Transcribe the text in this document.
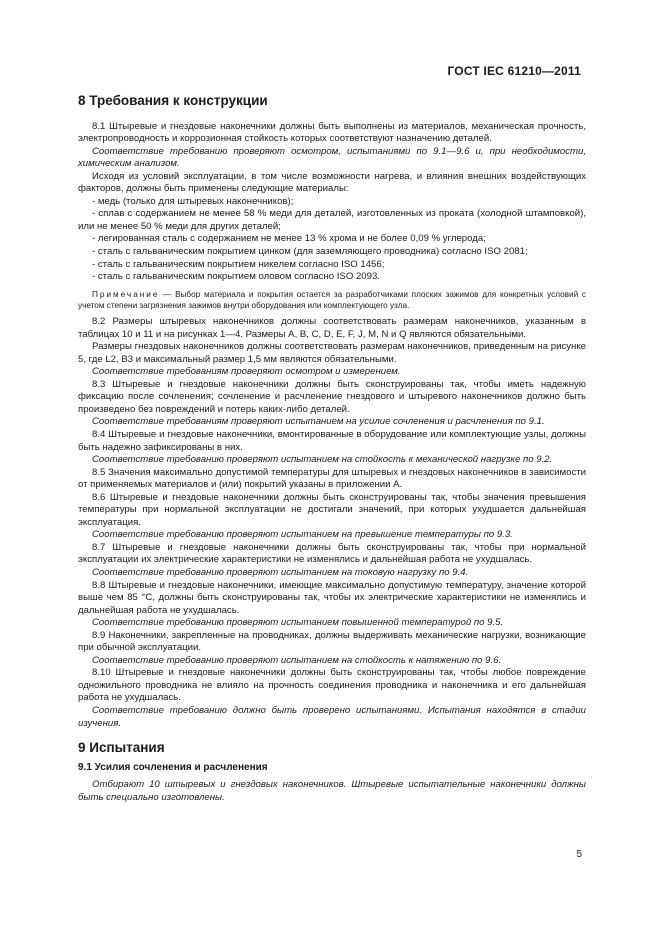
ГОСТ IEC 61210—2011

8 Требования к конструкции

8.1 Штыревые и гнездовые наконечники должны быть выполнены из материалов, механическая прочность, электропроводность и коррозионная стойкость которых соответствуют назначению деталей.

Соответствие требованию проверяют осмотром, испытаниями по 9.1—9.6 и, при необходимости, химическим анализом.

Исходя из условий эксплуатации, в том числе возможности нагрева, и влияния внешних воздействующих факторов, должны быть применены следующие материалы:

- медь (только для штыревых наконечников);

- сплав с содержанием не менее 58 % меди для деталей, изготовленных из проката (холодной штамповкой), или не менее 50 % меди для других деталей;

- легированная сталь с содержанием не менее 13 % хрома и не более 0,09 % углерода;

- сталь с гальваническим покрытием цинком (для заземляющего проводника) согласно ISO 2081;

- сталь с гальваническим покрытием никелем согласно ISO 1456;

- сталь с гальваническим покрытием оловом согласно ISO 2093.

Примечание — Выбор материала и покрытия остается за разработчиками плоских зажимов для конкретных условий с учетом степени загрязнения зажимов внутри оборудования или комплектующего узла.

8.2 Размеры штыревых наконечников должны соответствовать размерам наконечников, указанным в таблицах 10 и 11 и на рисунках 1—4. Размеры A, B, C, D, E, F, J, M, N и Q являются обязательными.

Размеры гнездовых наконечников должны соответствовать размерам наконечников, приведенным на рисунке 5, где L2, B3 и максимальный размер 1,5 мм являются обязательными.

Соответствие требованиям проверяют осмотром и измерением.

8.3 Штыревые и гнездовые наконечники должны быть сконструированы так, чтобы иметь надежную фиксацию после сочленения; сочленение и расчленение гнездового и штыревого наконечников должно быть произведено без повреждений и потерь каких-либо деталей.

Соответствие требованиям проверяют испытанием на усилие сочленения и расчленения по 9.1.

8.4 Штыревые и гнездовые наконечники, вмонтированные в оборудование или комплектующие узлы, должны быть надежно зафиксированы в них.

Соответствие требованию проверяют испытанием на стойкость к механической нагрузке по 9.2.

8.5 Значения максимально допустимой температуры для штыревых и гнездовых наконечников в зависимости от применяемых материалов и (или) покрытий указаны в приложении А.

8.6 Штыревые и гнездовые наконечники должны быть сконструированы так, чтобы значения превышения температуры при нормальной эксплуатации не достигали значений, при которых ухудшается дальнейшая эксплуатация.

Соответствие требованию проверяют испытанием на превышение температуры по 9.3.

8.7 Штыревые и гнездовые наконечники должны быть сконструированы так, чтобы при нормальной эксплуатации их электрические характеристики не изменялись и дальнейшая работа не ухудшалась.

Соответствие требованию проверяют испытанием на токовую нагрузку по 9.4.

8.8 Штыревые и гнездовые наконечники, имеющие максимально допустимую температуру, значение которой выше чем 85 °С, должны быть сконструированы так, чтобы их электрические характеристики не изменялись и дальнейшая работа не ухудшалась.

Соответствие требованию проверяют испытанием повышенной температурой по 9.5.

8.9 Наконечники, закрепленные на проводниках, должны выдерживать механические нагрузки, возникающие при обычной эксплуатации.

Соответствие требованию проверяют испытанием на стойкость к натяжению по 9.6.

8.10 Штыревые и гнездовые наконечники должны быть сконструированы так, чтобы любое повреждение одножильного проводника не влияло на прочность соединения проводника и наконечника и его дальнейшая работа не ухудшалась.

Соответствие требованию должно быть проверено испытаниями. Испытания находятся в стадии изучения.

9 Испытания

9.1 Усилия сочленения и расчленения

Отбирают 10 штыревых и гнездовых наконечников. Штыревые испытательные наконечники должны быть специально изготовлены.

5
